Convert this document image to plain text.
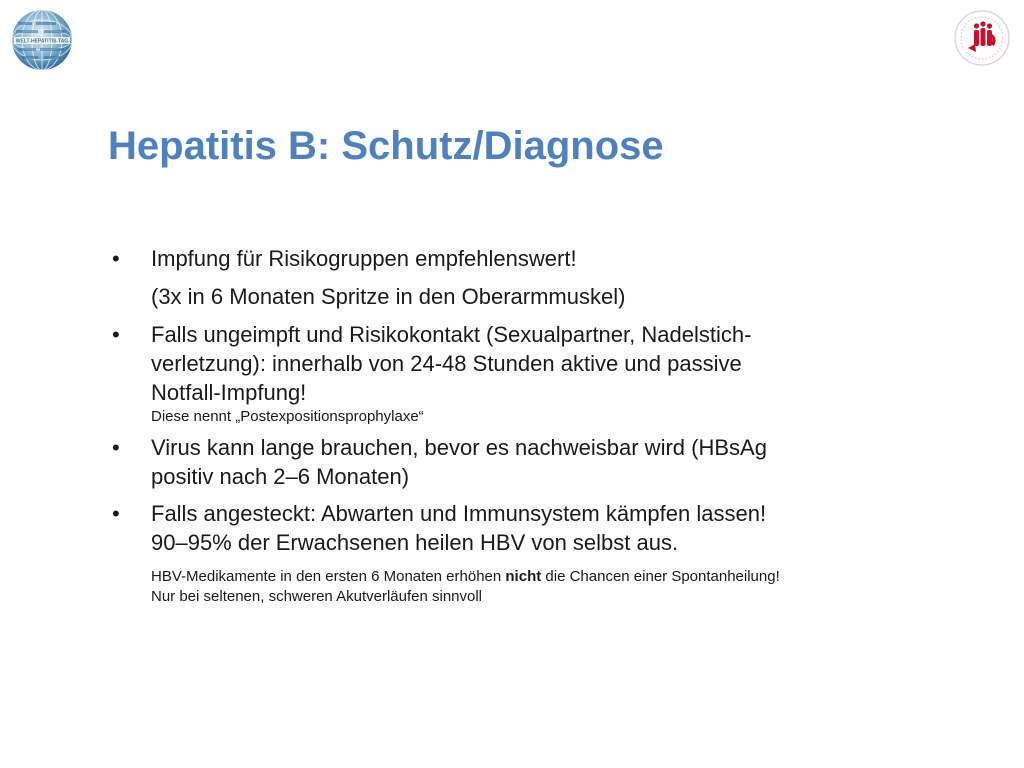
WELT-HEPATITIS-TAG
Hepatitis B: Schutz/Diagnose
• Impfung für Risikogruppen empfehlenswert!
(3x in 6 Monaten Spritze in den Oberarmmuskel)
• Falls ungeimpft und Risikokontakt (Sexualpartner, Nadelstich-
verletzung): innerhalb von 24-48 Stunden aktive und passive
Notfall-Impfung!
Diese nennt „Postexpositionsprophylaxe“
• Virus kann lange brauchen, bevor es nachweisbar wird (HBsAg
positiv nach 2–6 Monaten)
• Falls angesteckt: Abwarten und Immunsystem kämpfen lassen!
90–95% der Erwachsenen heilen HBV von selbst aus.
HBV-Medikamente in den ersten 6 Monaten erhöhen nicht die Chancen einer Spontanheilung!
Nur bei seltenen, schweren Akutverläufen sinnvoll
